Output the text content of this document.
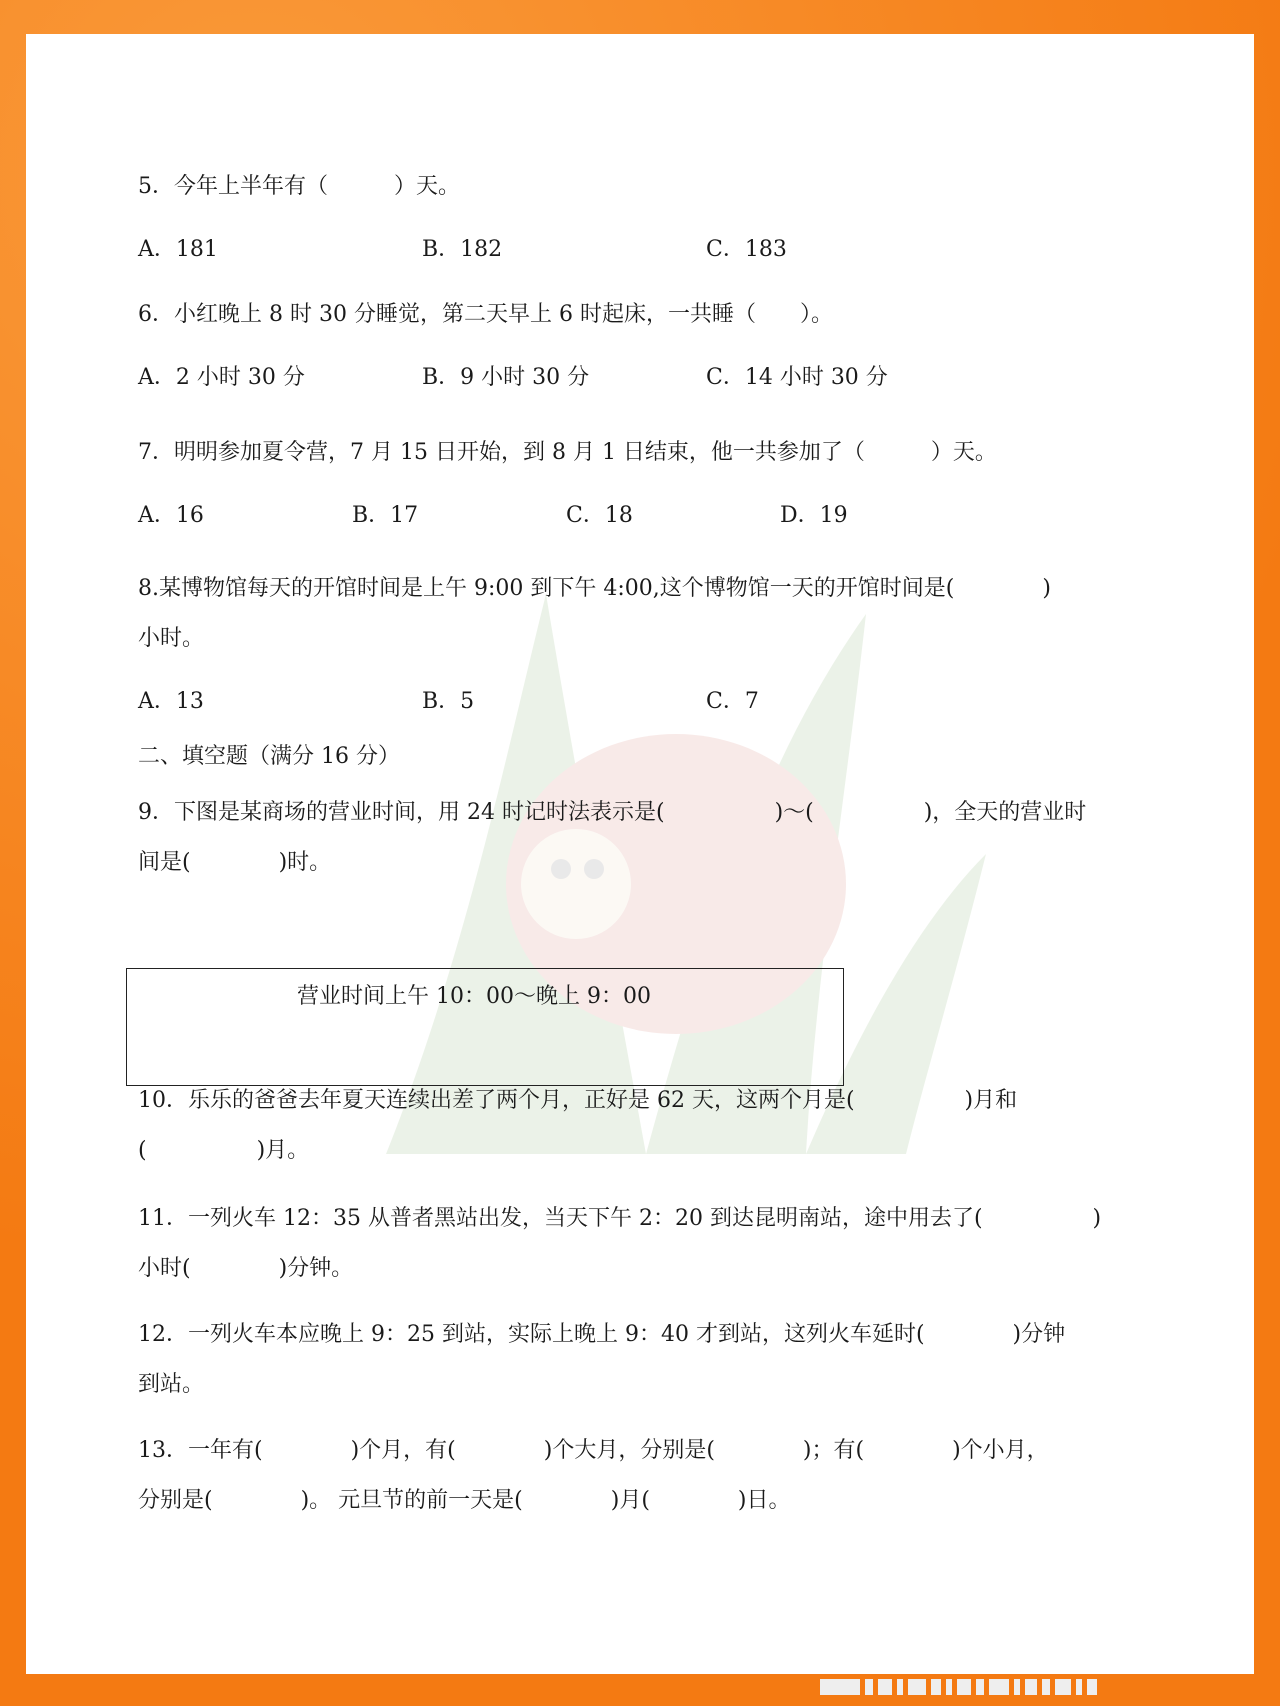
5．今年上半年有（　　　）天。
A．181	B．182	C．183
6．小红晚上 8 时 30 分睡觉，第二天早上 6 时起床，一共睡（　　）。
A．2 小时 30 分	B．9 小时 30 分	C．14 小时 30 分
7．明明参加夏令营，7 月 15 日开始，到 8 月 1 日结束，他一共参加了（　　　）天。
A．16	B．17	C．18	D．19
8.某博物馆每天的开馆时间是上午 9:00 到下午 4:00,这个博物馆一天的开馆时间是(　　　　)
小时。
A．13	B．5	C．7
二、填空题（满分 16 分）
9．下图是某商场的营业时间，用 24 时记时法表示是(　　　　　)～(　　　　　)，全天的营业时
间是(　　　　)时。
营业时间上午 10：00～晚上 9：00
10．乐乐的爸爸去年夏天连续出差了两个月，正好是 62 天，这两个月是(　　　　　)月和
(　　　　　)月。
11．一列火车 12：35 从普者黑站出发，当天下午 2：20 到达昆明南站，途中用去了(　　　　　)
小时(　　　　)分钟。
12．一列火车本应晚上 9：25 到站，实际上晚上 9：40 才到站，这列火车延时(　　　　)分钟
到站。
13．一年有(　　　　)个月，有(　　　　)个大月，分别是(　　　　)；有(　　　　)个小月，
分别是(　　　　)。 元旦节的前一天是(　　　　)月(　　　　)日。
